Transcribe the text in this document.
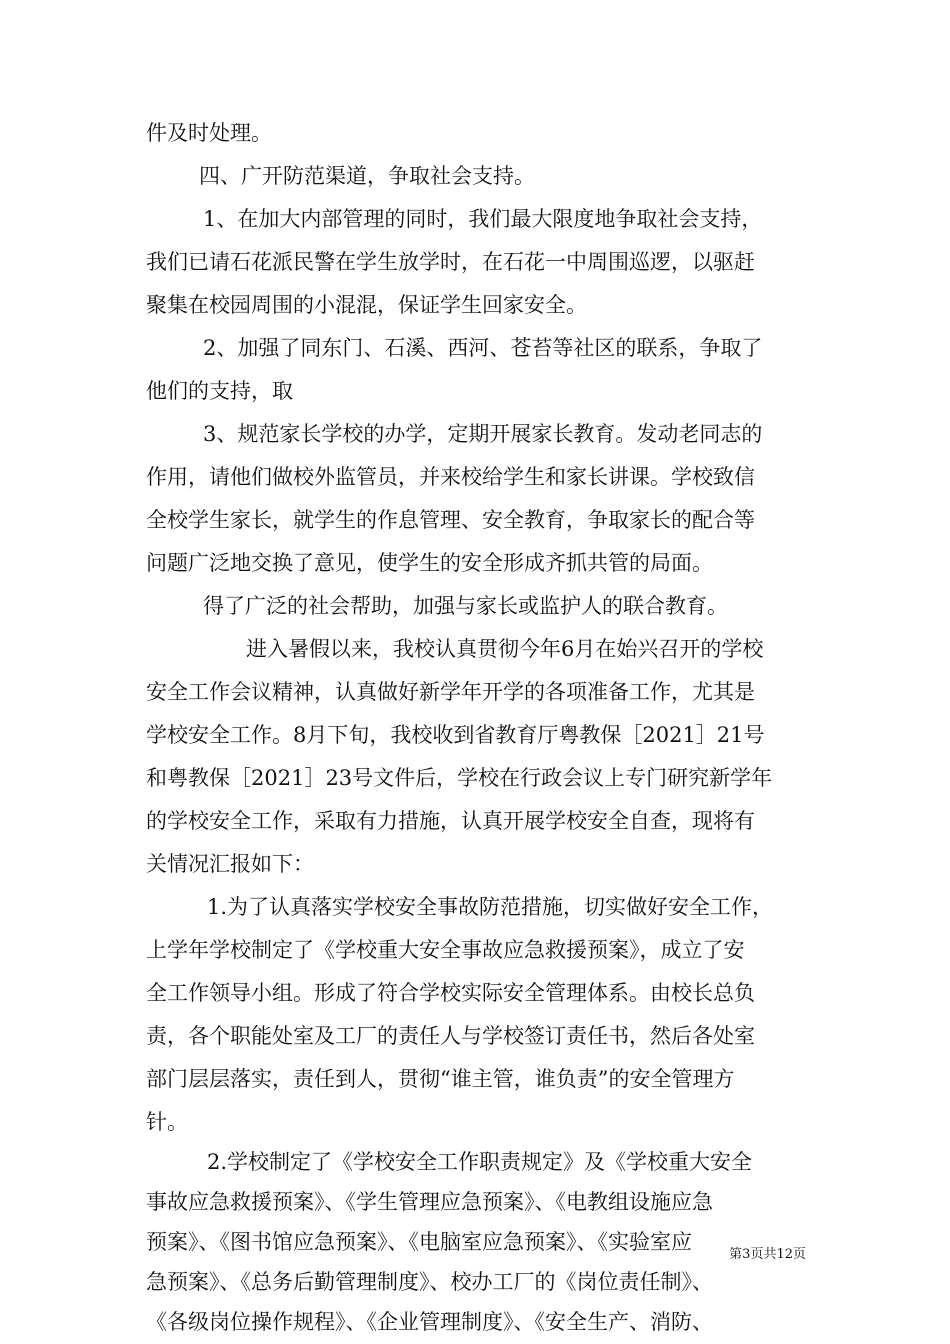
件及时处理。
四、广开防范渠道，争取社会支持。
1、在加大内部管理的同时，我们最大限度地争取社会支持，
我们已请石花派民警在学生放学时，在石花一中周围巡逻，以驱赶
聚集在校园周围的小混混，保证学生回家安全。
2、加强了同东门、石溪、西河、苍苔等社区的联系，争取了
他们的支持，取
3、规范家长学校的办学，定期开展家长教育。发动老同志的
作用，请他们做校外监管员，并来校给学生和家长讲课。学校致信
全校学生家长，就学生的作息管理、安全教育，争取家长的配合等
问题广泛地交换了意见，使学生的安全形成齐抓共管的局面。
得了广泛的社会帮助，加强与家长或监护人的联合教育。
进入暑假以来，我校认真贯彻今年6月在始兴召开的学校
安全工作会议精神，认真做好新学年开学的各项准备工作，尤其是
学校安全工作。8月下旬，我校收到省教育厅粤教保［2021］21号
和粤教保［2021］23号文件后，学校在行政会议上专门研究新学年
的学校安全工作，采取有力措施，认真开展学校安全自查，现将有
关情况汇报如下：
1.为了认真落实学校安全事故防范措施，切实做好安全工作，
上学年学校制定了《学校重大安全事故应急救援预案》，成立了安
全工作领导小组。形成了符合学校实际安全管理体系。由校长总负
责，各个职能处室及工厂的责任人与学校签订责任书，然后各处室
部门层层落实，责任到人，贯彻“谁主管，谁负责”的安全管理方
针。
2.学校制定了《学校安全工作职责规定》及《学校重大安全
事故应急救援预案》、《学生管理应急预案》、《电教组设施应急
预案》、《图书馆应急预案》、《电脑室应急预案》、《实验室应
急预案》、《总务后勤管理制度》、校办工厂的《岗位责任制》、
《各级岗位操作规程》、《企业管理制度》、《安全生产、消防、
第3页共12页
